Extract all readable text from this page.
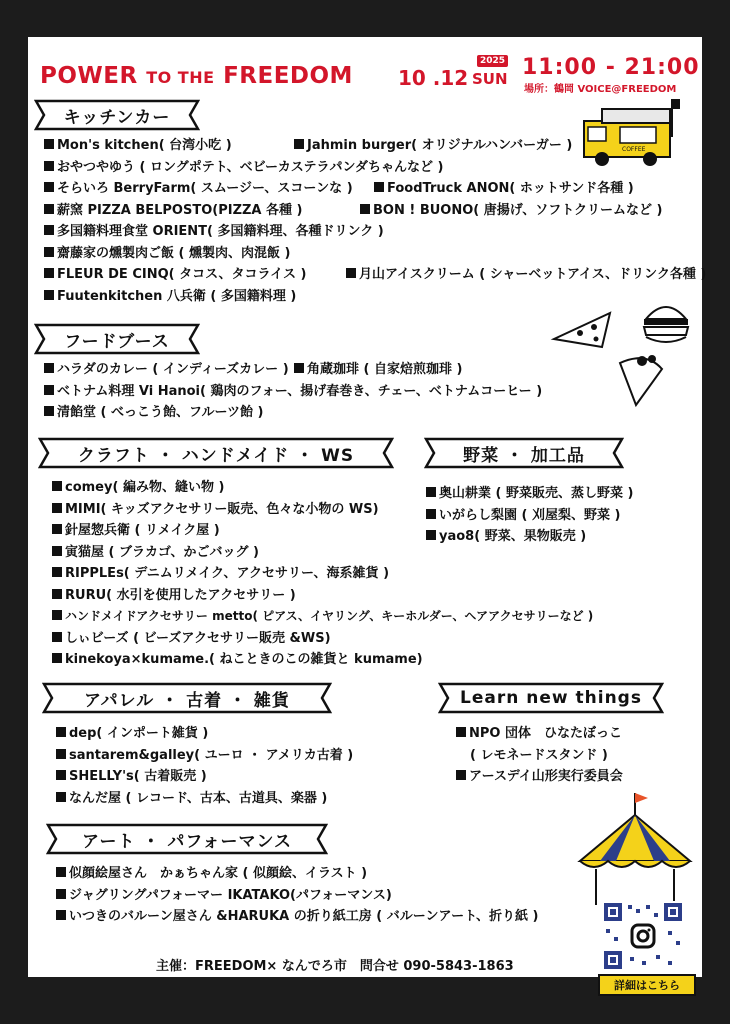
POWER TO THE FREEDOM 10 .12
2025
SUN 11:00 - 21:00
場所：鶴岡 VOICE@FREEDOM
キッチンカー
Mon's kitchen( 台湾小吃 )	Jahmin burger( オリジナルハンバーガー )
おやつやゆう ( ロングポテト、ベビーカステラパンダちゃんなど )
そらいろ BerryFarm( スムージー、スコーンな )	FoodTruck ANON( ホットサンド各種 )
薪窯 PIZZA BELPOSTO(PIZZA 各種 )	BON ! BUONO( 唐揚げ、ソフトクリームなど )
多国籍料理食堂 ORIENT( 多国籍料理、各種ドリンク )
齋藤家の燻製肉ご飯 ( 燻製肉、肉混飯 )
FLEUR DE CINQ( タコス、タコライス )	月山アイスクリーム ( シャーベットアイス、ドリンク各種 )
Fuutenkitchen 八兵衛 ( 多国籍料理 )
COFFEE
フードブース
ハラダのカレー ( インディーズカレー )	角蔵珈琲 ( 自家焙煎珈琲 )
ベトナム料理 Vi Hanoi( 鶏肉のフォー、揚げ春巻き、チェー、ベトナムコーヒー )
清餡堂 ( べっこう飴、フルーツ飴 )
クラフト ・ ハンドメイド ・ WS
comey( 編み物、縫い物 )
MIMI( キッズアクセサリー販売、色々な小物の WS)
針屋惣兵衛 ( リメイク屋 )
寅猫屋 ( ブラカゴ、かごバッグ )
RIPPLEs( デニムリメイク、アクセサリー、海系雑貨 )
RURU( 水引を使用したアクセサリー )
ハンドメイドアクセサリー metto( ピアス、イヤリング、キーホルダー、ヘアアクセサリーなど )
しぃビーズ ( ビーズアクセサリー販売 &WS)
kinekoya×kumame.( ねこときのこの雑貨と kumame)
野菜 ・ 加工品
奥山耕業 ( 野菜販売、蒸し野菜 )
いがらし梨園 ( 刈屋梨、野菜 )
yao8( 野菜、果物販売 )
アパレル ・ 古着 ・ 雑貨
dep( インポート雑貨 )
santarem&galley( ユーロ ・ アメリカ古着 )
SHELLY's( 古着販売 )
なんだ屋 ( レコード、古本、古道具、楽器 )
Learn new things
NPO 団体　ひなたぼっこ
( レモネードスタンド )
アースデイ山形実行委員会
アート ・ パフォーマンス
似顔絵屋さん　かぁちゃん家 ( 似顔絵、イラスト )
ジャグリングパフォーマー IKATAKO(パフォーマンス)
いつきのバルーン屋さん &HARUKA の折り紙工房 ( バルーンアート、折り紙 )
詳細はこちら
主催：FREEDOM× なんでろ市　問合せ 090-5843-1863
